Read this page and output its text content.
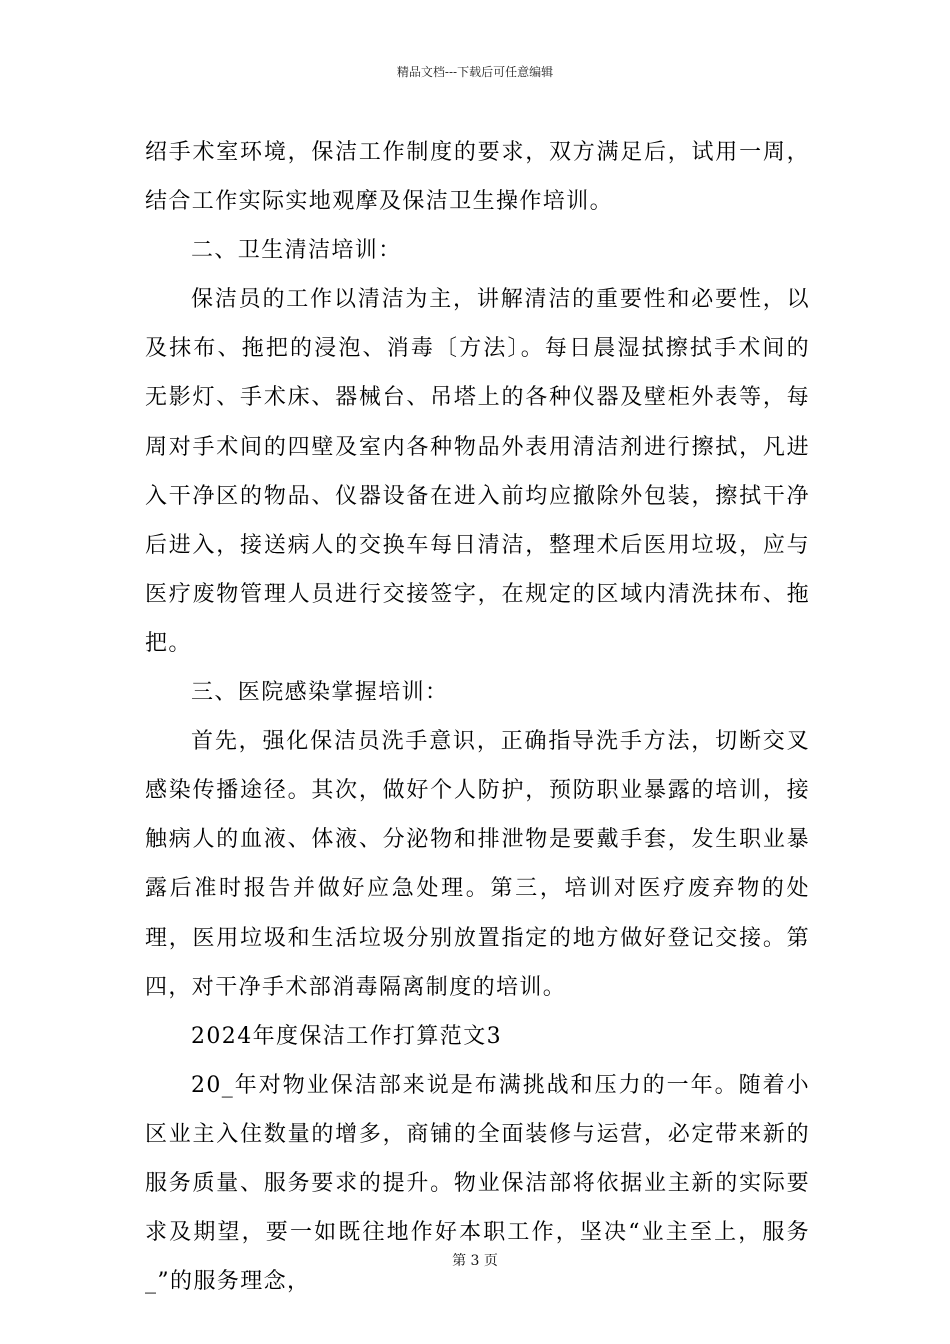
精品文档---下载后可任意编辑

绍手术室环境，保洁工作制度的要求，双方满足后，试用一周，结合工作实际实地观摩及保洁卫生操作培训。

二、卫生清洁培训：

保洁员的工作以清洁为主，讲解清洁的重要性和必要性，以及抹布、拖把的浸泡、消毒〔方法〕。每日晨湿拭擦拭手术间的无影灯、手术床、器械台、吊塔上的各种仪器及壁柜外表等，每周对手术间的四壁及室内各种物品外表用清洁剂进行擦拭，凡进入干净区的物品、仪器设备在进入前均应撤除外包装，擦拭干净后进入，接送病人的交换车每日清洁，整理术后医用垃圾，应与医疗废物管理人员进行交接签字，在规定的区域内清洗抹布、拖把。

三、医院感染掌握培训：

首先，强化保洁员洗手意识，正确指导洗手方法，切断交叉感染传播途径。其次，做好个人防护，预防职业暴露的培训，接触病人的血液、体液、分泌物和排泄物是要戴手套，发生职业暴露后准时报告并做好应急处理。第三，培训对医疗废弃物的处理，医用垃圾和生活垃圾分别放置指定的地方做好登记交接。第四，对干净手术部消毒隔离制度的培训。

2024年度保洁工作打算范文3

20_年对物业保洁部来说是布满挑战和压力的一年。随着小区业主入住数量的增多，商铺的全面装修与运营，必定带来新的服务质量、服务要求的提升。物业保洁部将依据业主新的实际要求及期望，要一如既往地作好本职工作，坚决“业主至上，服务_”的服务理念，

第 3 页
